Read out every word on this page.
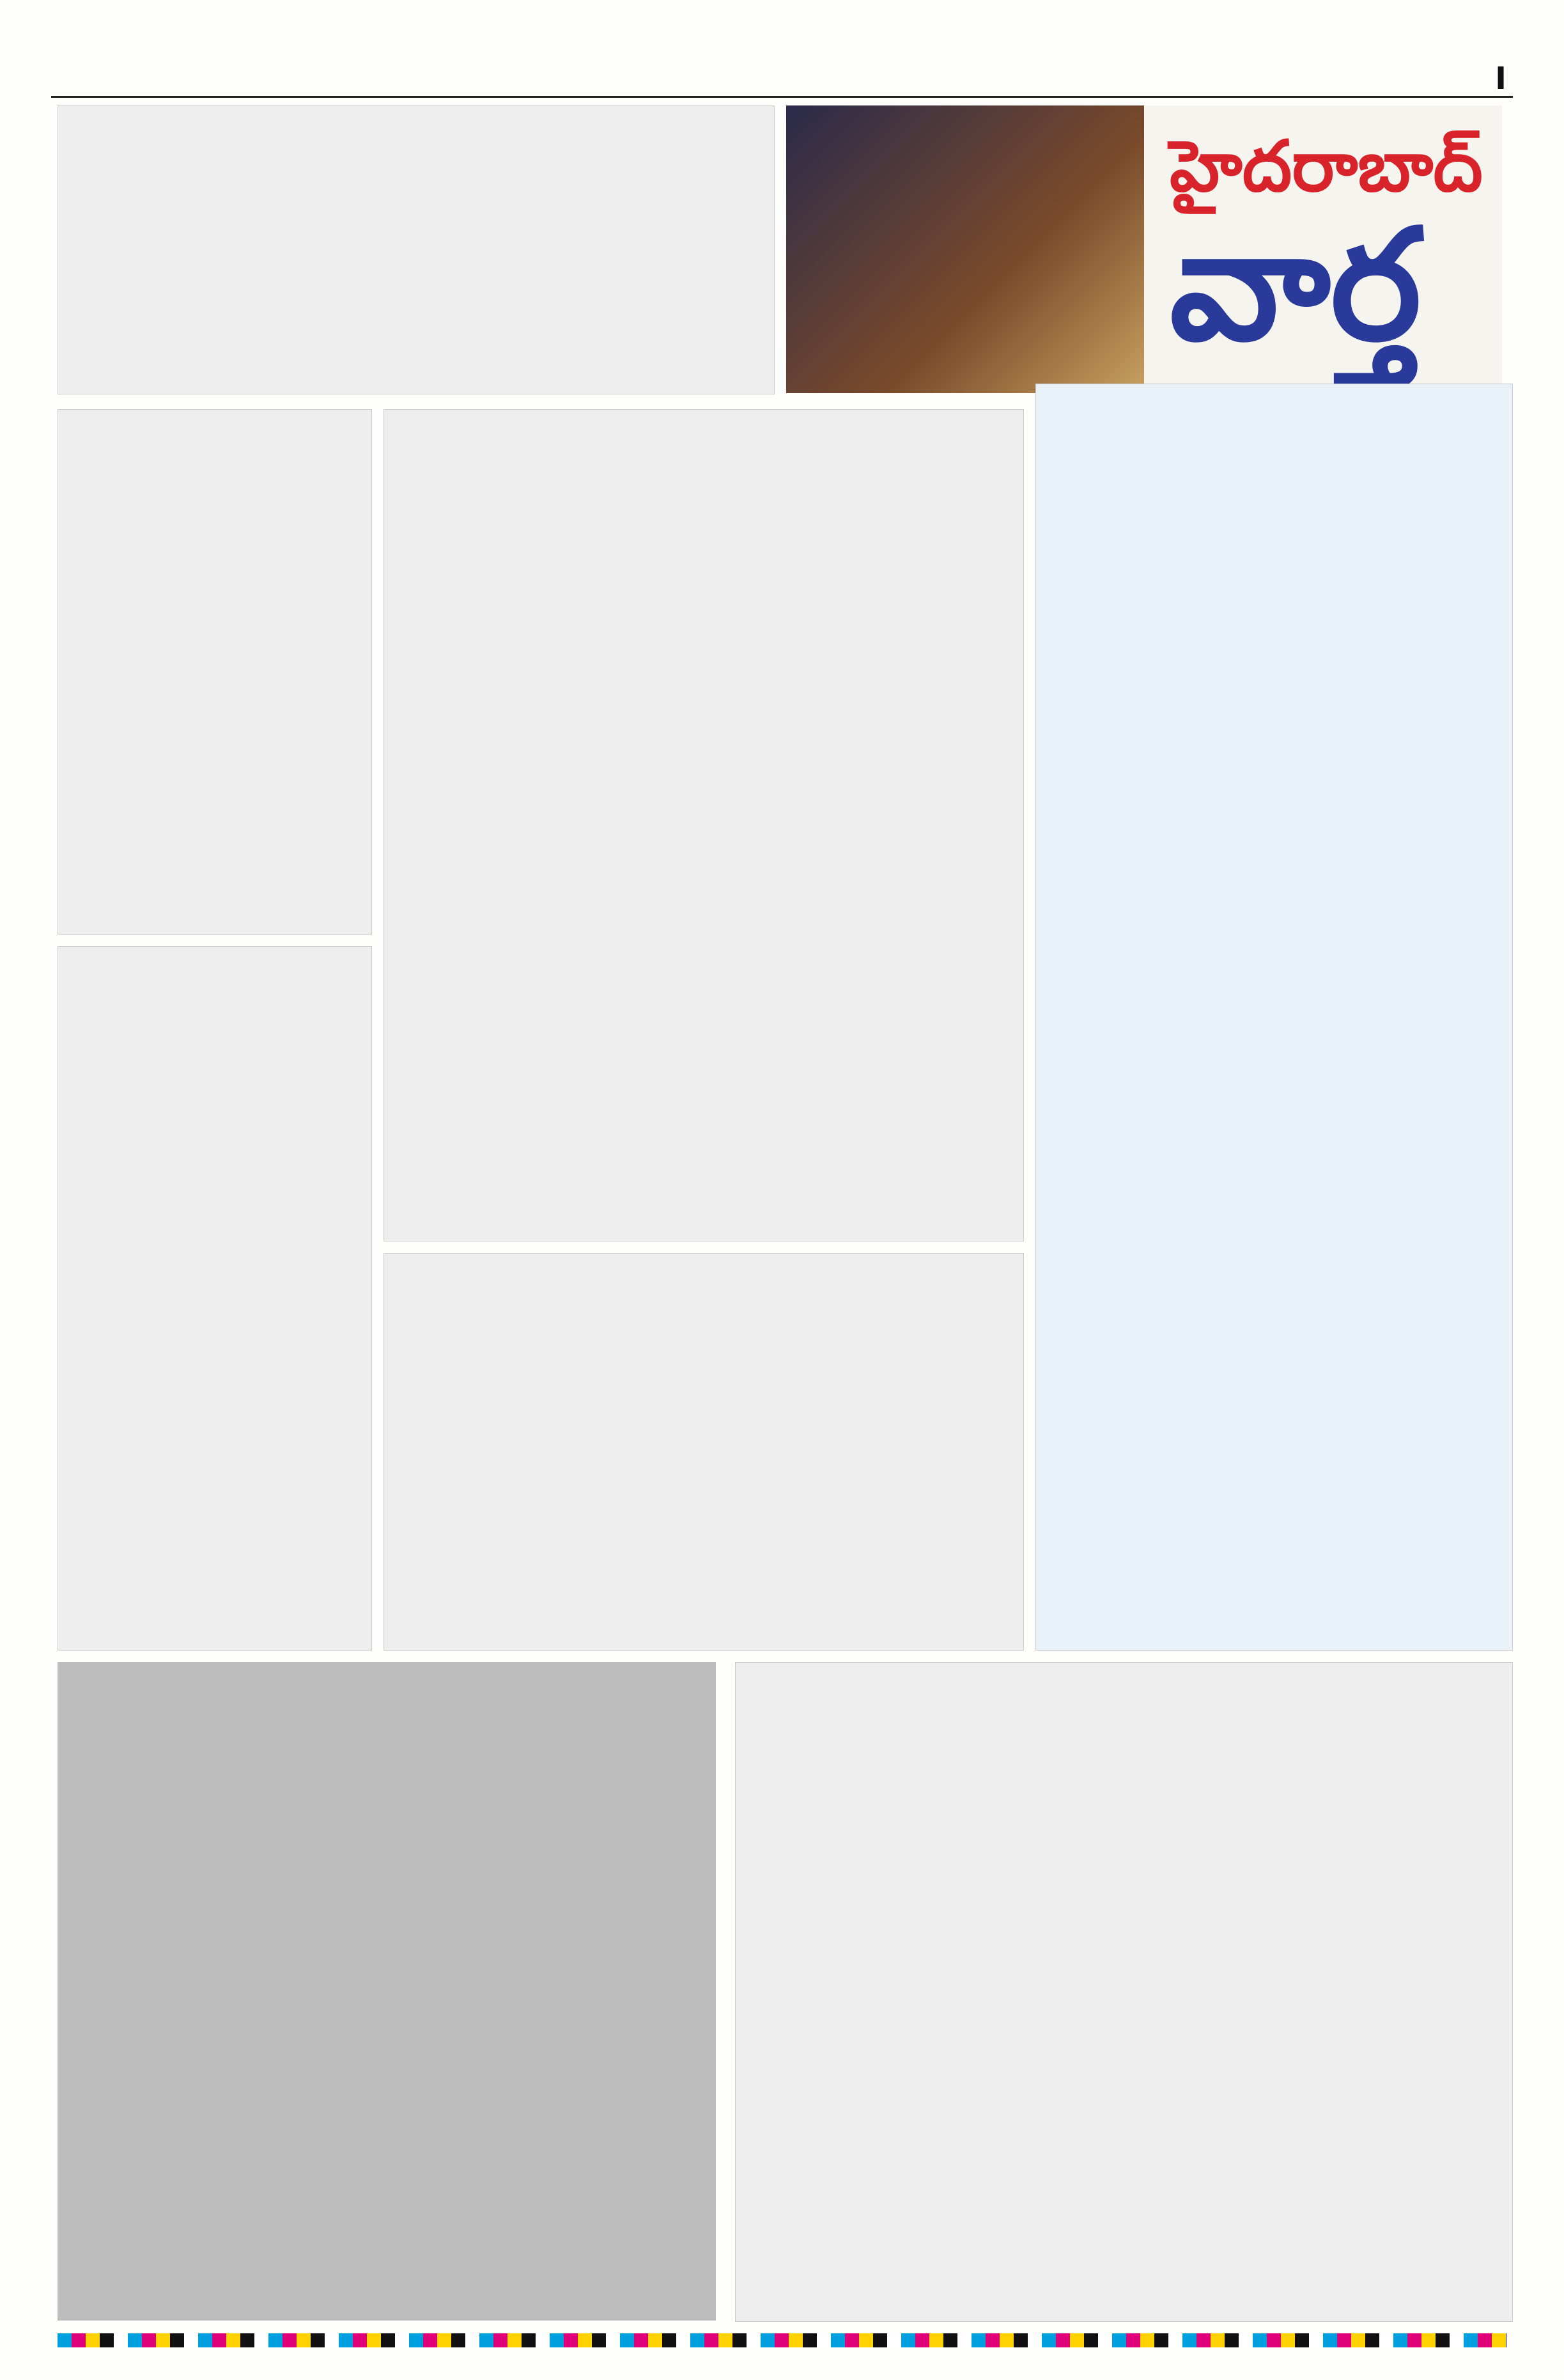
I
హైదరాబాద్
వార్త
